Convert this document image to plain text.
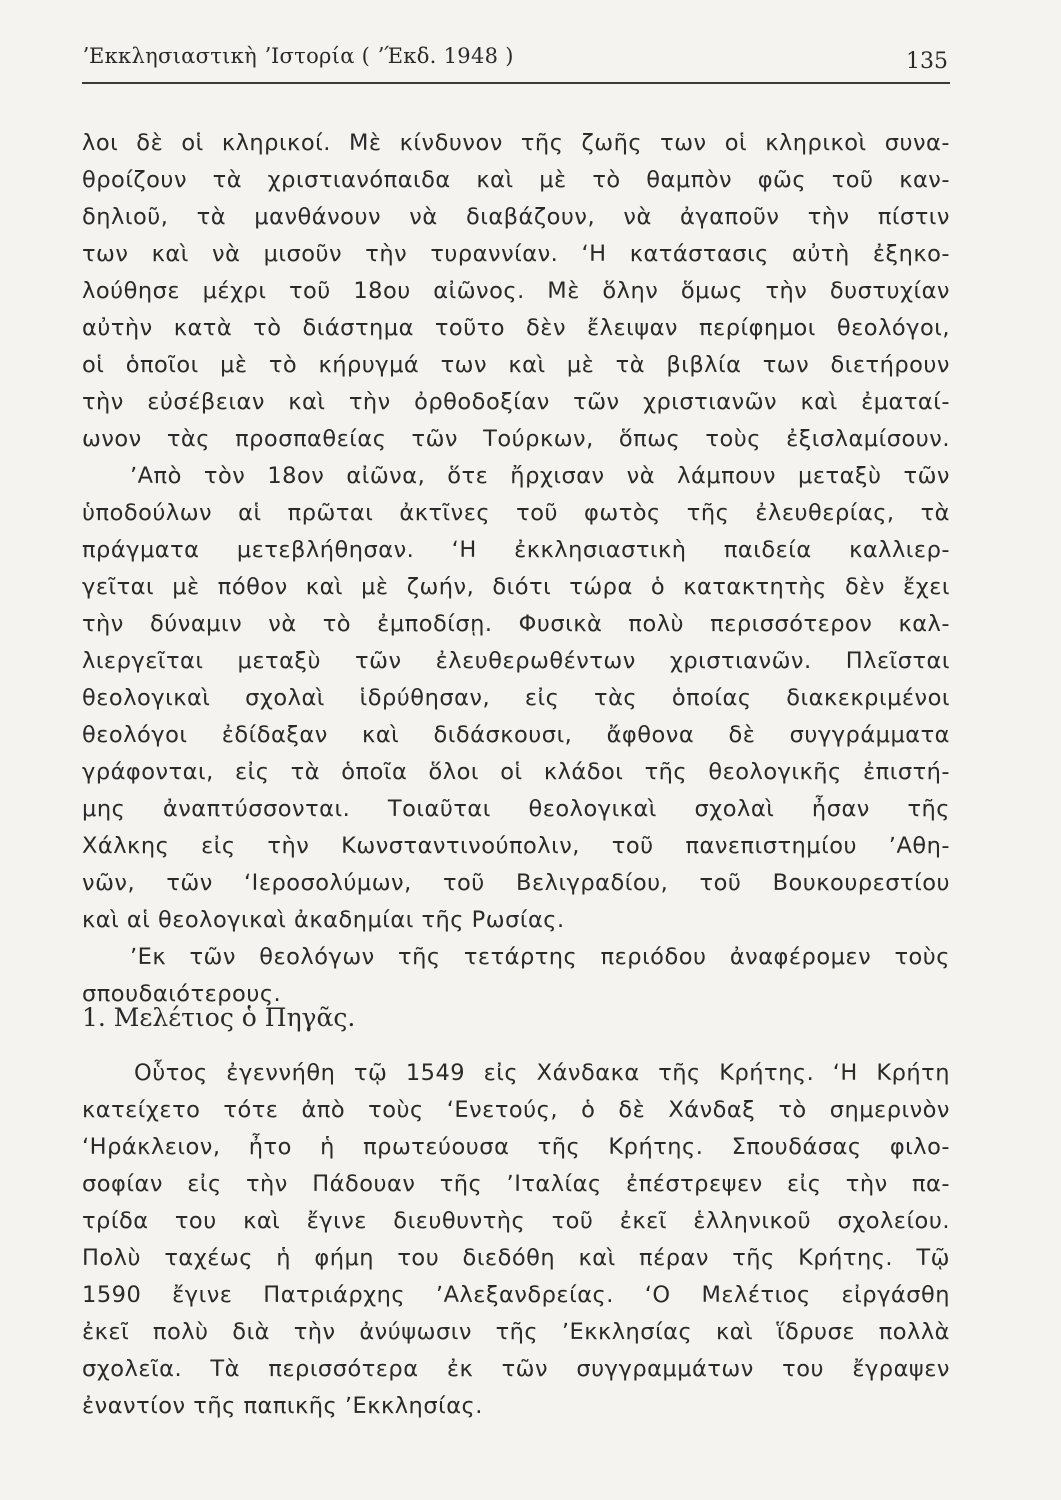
ʼΕκκλησιαστικὴ ʼΙστορία ( ʼΈκδ. 1948 )	135
λοι δὲ οἱ κληρικοί. Μὲ κίνδυνον τῆς ζωῆς των οἱ κληρικοὶ συνα-
θροίζουν τὰ χριστιανόπαιδα καὶ μὲ τὸ θαμπὸν φῶς τοῦ καν-
δηλιοῦ, τὰ μανθάνουν νὰ διαβάζουν, νὰ ἀγαποῦν τὴν πίστιν
των καὶ νὰ μισοῦν τὴν τυραννίαν. ʻΗ κατάστασις αὐτὴ ἐξηκο-
λούθησε μέχρι τοῦ 18ου αἰῶνος. Μὲ ὅλην ὅμως τὴν δυστυχίαν
αὐτὴν κατὰ τὸ διάστημα τοῦτο δὲν ἔλειψαν περίφημοι θεολόγοι,
οἱ ὁποῖοι μὲ τὸ κήρυγμά των καὶ μὲ τὰ βιβλία των διετήρουν
τὴν εὐσέβειαν καὶ τὴν ὀρθοδοξίαν τῶν χριστιανῶν καὶ ἐματαί-
ωνον τὰς προσπαθείας τῶν Τούρκων, ὅπως τοὺς ἐξισλαμίσουν.
ʼΑπὸ τὸν 18ον αἰῶνα, ὅτε ἤρχισαν νὰ λάμπουν μεταξὺ τῶν
ὑποδούλων αἱ πρῶται ἀκτῖνες τοῦ φωτὸς τῆς ἐλευθερίας, τὰ
πράγματα μετεβλήθησαν. ʻΗ ἐκκλησιαστικὴ παιδεία καλλιερ-
γεῖται μὲ πόθον καὶ μὲ ζωήν, διότι τώρα ὁ κατακτητὴς δὲν ἔχει
τὴν δύναμιν νὰ τὸ ἐμποδίσῃ. Φυσικὰ πολὺ περισσότερον καλ-
λιεργεῖται μεταξὺ τῶν ἐλευθερωθέντων χριστιανῶν. Πλεῖσται
θεολογικαὶ σχολαὶ ἱδρύθησαν, εἰς τὰς ὁποίας διακεκριμένοι
θεολόγοι ἐδίδαξαν καὶ διδάσκουσι, ἄφθονα δὲ συγγράμματα
γράφονται, εἰς τὰ ὁποῖα ὅλοι οἱ κλάδοι τῆς θεολογικῆς ἐπιστή-
μης ἀναπτύσσονται. Τοιαῦται θεολογικαὶ σχολαὶ ἦσαν τῆς
Χάλκης εἰς τὴν Κωνσταντινούπολιν, τοῦ πανεπιστημίου ʼΑθη-
νῶν, τῶν ʻΙεροσολύμων, τοῦ Βελιγραδίου, τοῦ Βουκουρεστίου
καὶ αἱ θεολογικαὶ ἀκαδημίαι τῆς Ρωσίας.
ʼΕκ τῶν θεολόγων τῆς τετάρτης περιόδου ἀναφέρομεν τοὺς
σπουδαιότερους.
Οὗτος ἐγεννήθη τῷ 1549 εἰς Χάνδακα τῆς Κρήτης. ʻΗ Κρήτη
κατείχετο τότε ἀπὸ τοὺς ʻΕνετούς, ὁ δὲ Χάνδαξ τὸ σημερινὸν
ʻΗράκλειον, ἦτο ἡ πρωτεύουσα τῆς Κρήτης. Σπουδάσας φιλο-
σοφίαν εἰς τὴν Πάδουαν τῆς ʼΙταλίας ἐπέστρεψεν εἰς τὴν πα-
τρίδα του καὶ ἔγινε διευθυντὴς τοῦ ἐκεῖ ἑλληνικοῦ σχολείου.
Πολὺ ταχέως ἡ φήμη του διεδόθη καὶ πέραν τῆς Κρήτης. Τῷ
1590 ἔγινε Πατριάρχης ʼΑλεξανδρείας. ʻΟ Μελέτιος εἰργάσθη
ἐκεῖ πολὺ διὰ τὴν ἀνύψωσιν τῆς ʼΕκκλησίας καὶ ἵδρυσε πολλὰ
σχολεῖα. Τὰ περισσότερα ἐκ τῶν συγγραμμάτων του ἔγραψεν
ἐναντίον τῆς παπικῆς ʼΕκκλησίας.
1. Μελέτιος ὁ Πηγᾶς.
